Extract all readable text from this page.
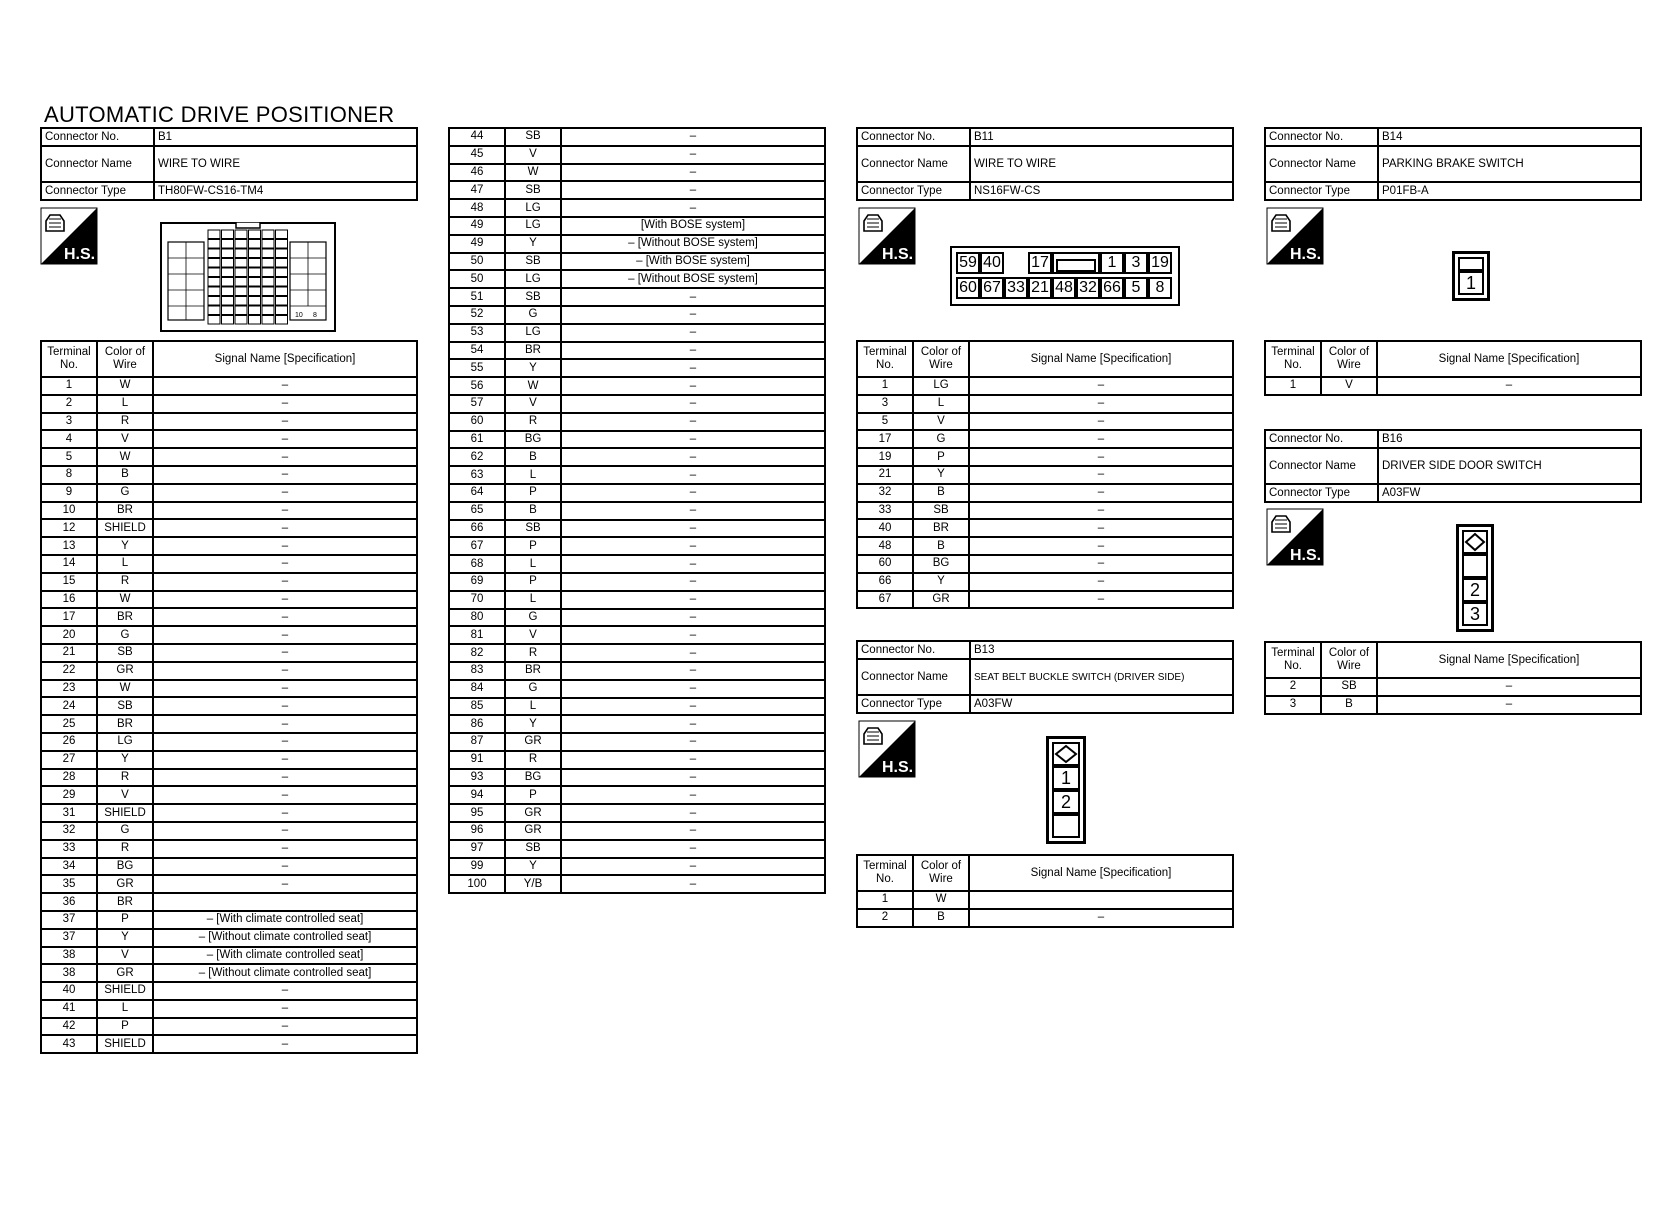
AUTOMATIC DRIVE POSITIONER
Connector No.	B1
Connector Name	WIRE TO WIRE
Connector Type	TH80FW-CS16-TM4
H.S.	H.S.	H.S.
H.S.
H.S.
10 8
Terminal No.	Color of Wire	Signal Name [Specification]
1	W	–
2	L	–
3	R	–
4	V	–
5	W	–
8	B	–
9	G	–
10	BR	–
12	SHIELD	–
13	Y	–
14	L	–
15	R	–
16	W	–
17	BR	–
20	G	–
21	SB	–
22	GR	–
23	W	–
24	SB	–
25	BR	–
26	LG	–
27	Y	–
28	R	–
29	V	–
31	SHIELD	–
32	G	–
33	R	–
34	BG	–
35	GR	–
36	BR	
37	P	– [With climate controlled seat]
37	Y	– [Without climate controlled seat]
38	V	– [With climate controlled seat]
38	GR	– [Without climate controlled seat]
40	SHIELD	–
41	L	–
42	P	–
43	SHIELD	–
44	SB	–
45	V	–
46	W	–
47	SB	–
48	LG	–
49	LG	[With BOSE system]
49	Y	– [Without BOSE system]
50	SB	– [With BOSE system]
50	LG	– [Without BOSE system]
51	SB	–
52	G	–
53	LG	–
54	BR	–
55	Y	–
56	W	–
57	V	–
60	R	–
61	BG	–
62	B	–
63	L	–
64	P	–
65	B	–
66	SB	–
67	P	–
68	L	–
69	P	–
70	L	–
80	G	–
81	V	–
82	R	–
83	BR	–
84	G	–
85	L	–
86	Y	–
87	GR	–
91	R	–
93	BG	–
94	P	–
95	GR	–
96	GR	–
97	SB	–
99	Y	–
100	Y/B	–
Connector No.	B11
Connector Name	WIRE TO WIRE
Connector Type	NS16FW-CS
59 40 17	1 3 19
60 67 33 21 48 32 66 5 8
Terminal No.	Color of Wire	Signal Name [Specification]
1	LG	–
3	L	–
5	V	–
17	G	–
19	P	–
21	Y	–
32	B	–
33	SB	–
40	BR	–
48	B	–
60	BG	–
66	Y	–
67	GR	–
Connector No.	B13
Connector Name	SEAT BELT BUCKLE SWITCH (DRIVER SIDE)
Connector Type	A03FW
1
2
Terminal No.	Color of Wire	Signal Name [Specification]
1	W	
2	B	–
Connector No.	B14
Connector Name	PARKING BRAKE SWITCH
Connector Type	P01FB-A
1
Terminal No.	Color of Wire	Signal Name [Specification]
1	V	–
Connector No.	B16
Connector Name	DRIVER SIDE DOOR SWITCH
Connector Type	A03FW
2
3
Terminal No.	Color of Wire	Signal Name [Specification]
2	SB	–
3	B	–
